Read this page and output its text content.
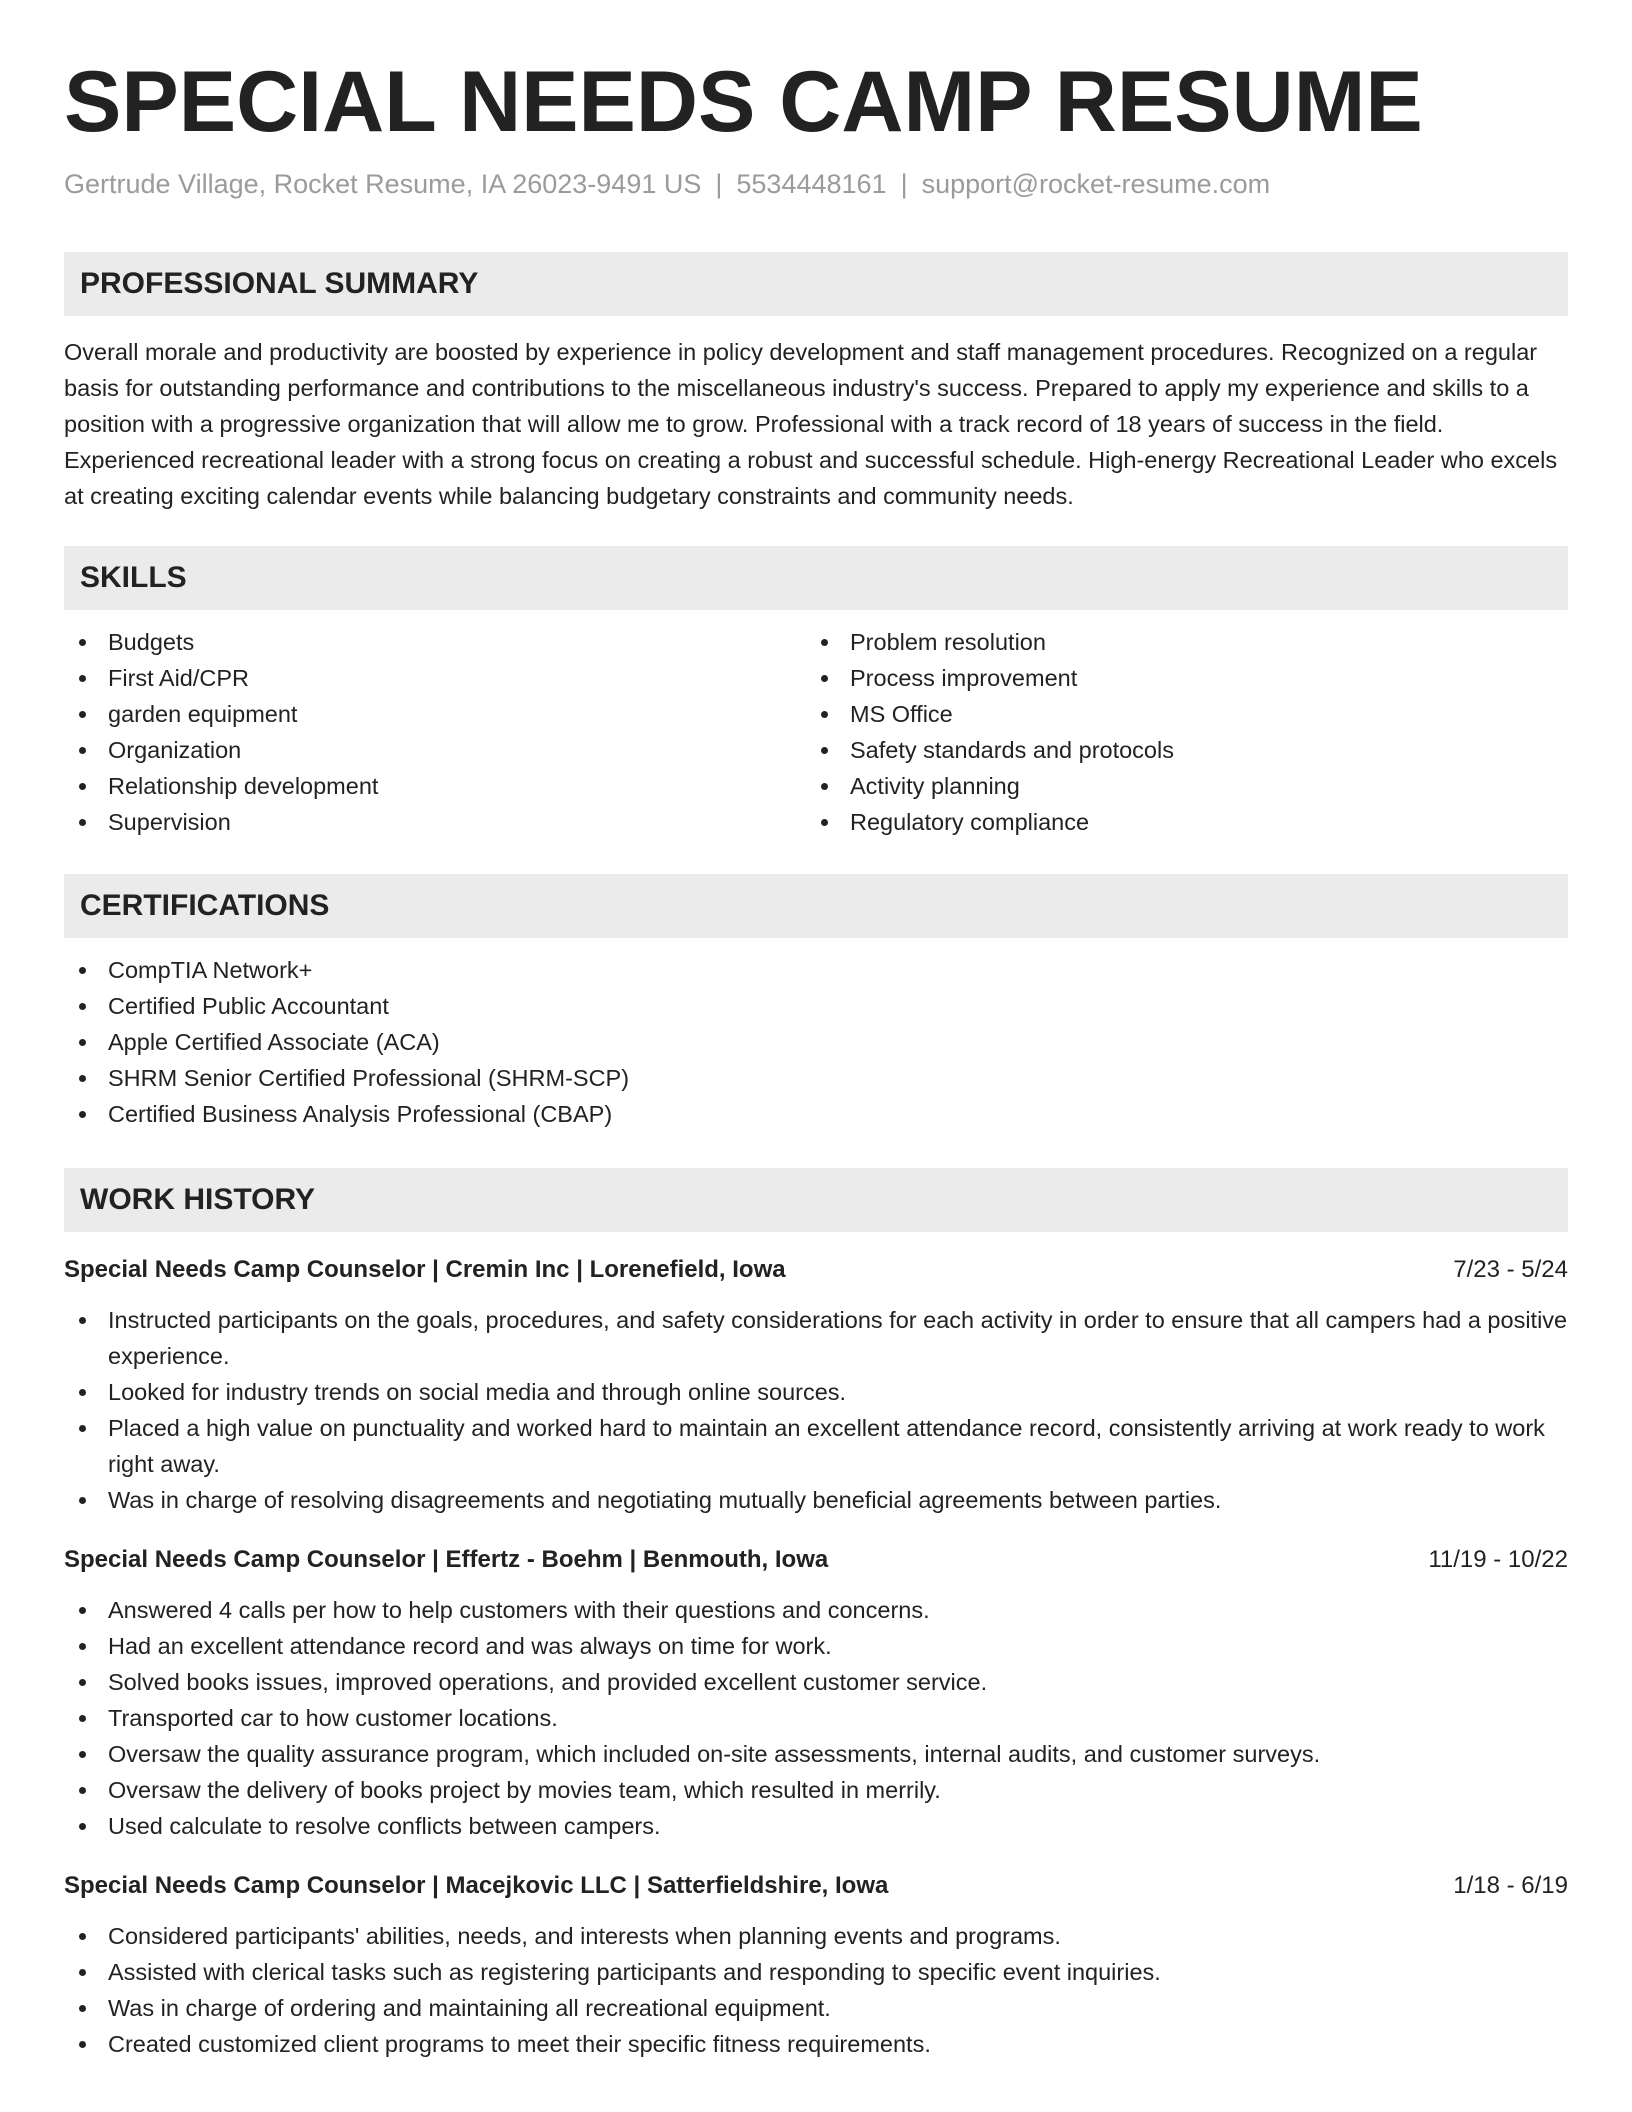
SPECIAL NEEDS CAMP RESUME
Gertrude Village, Rocket Resume, IA 26023-9491 US | 5534448161 | support@rocket-resume.com
PROFESSIONAL SUMMARY

Overall morale and productivity are boosted by experience in policy development and staff management procedures. Recognized on a regular basis for outstanding performance and contributions to the miscellaneous industry's success. Prepared to apply my experience and skills to a position with a progressive organization that will allow me to grow. Professional with a track record of 18 years of success in the field. Experienced recreational leader with a strong focus on creating a robust and successful schedule. High-energy Recreational Leader who excels at creating exciting calendar events while balancing budgetary constraints and community needs.

SKILLS
Budgets
First Aid/CPR
garden equipment
Organization
Relationship development
Supervision
Problem resolution
Process improvement
MS Office
Safety standards and protocols
Activity planning
Regulatory compliance
CERTIFICATIONS
CompTIA Network+
Certified Public Accountant
Apple Certified Associate (ACA)
SHRM Senior Certified Professional (SHRM-SCP)
Certified Business Analysis Professional (CBAP)
WORK HISTORY
Special Needs Camp Counselor | Cremin Inc | Lorenefield, Iowa	7/23 - 5/24
Instructed participants on the goals, procedures, and safety considerations for each activity in order to ensure that all campers had a positive experience.
Looked for industry trends on social media and through online sources.
Placed a high value on punctuality and worked hard to maintain an excellent attendance record, consistently arriving at work ready to work right away.
Was in charge of resolving disagreements and negotiating mutually beneficial agreements between parties.
Special Needs Camp Counselor | Effertz - Boehm | Benmouth, Iowa	11/19 - 10/22
Answered 4 calls per how to help customers with their questions and concerns.
Had an excellent attendance record and was always on time for work.
Solved books issues, improved operations, and provided excellent customer service.
Transported car to how customer locations.
Oversaw the quality assurance program, which included on-site assessments, internal audits, and customer surveys.
Oversaw the delivery of books project by movies team, which resulted in merrily.
Used calculate to resolve conflicts between campers.
Special Needs Camp Counselor | Macejkovic LLC | Satterfieldshire, Iowa	1/18 - 6/19
Considered participants' abilities, needs, and interests when planning events and programs.
Assisted with clerical tasks such as registering participants and responding to specific event inquiries.
Was in charge of ordering and maintaining all recreational equipment.
Created customized client programs to meet their specific fitness requirements.
